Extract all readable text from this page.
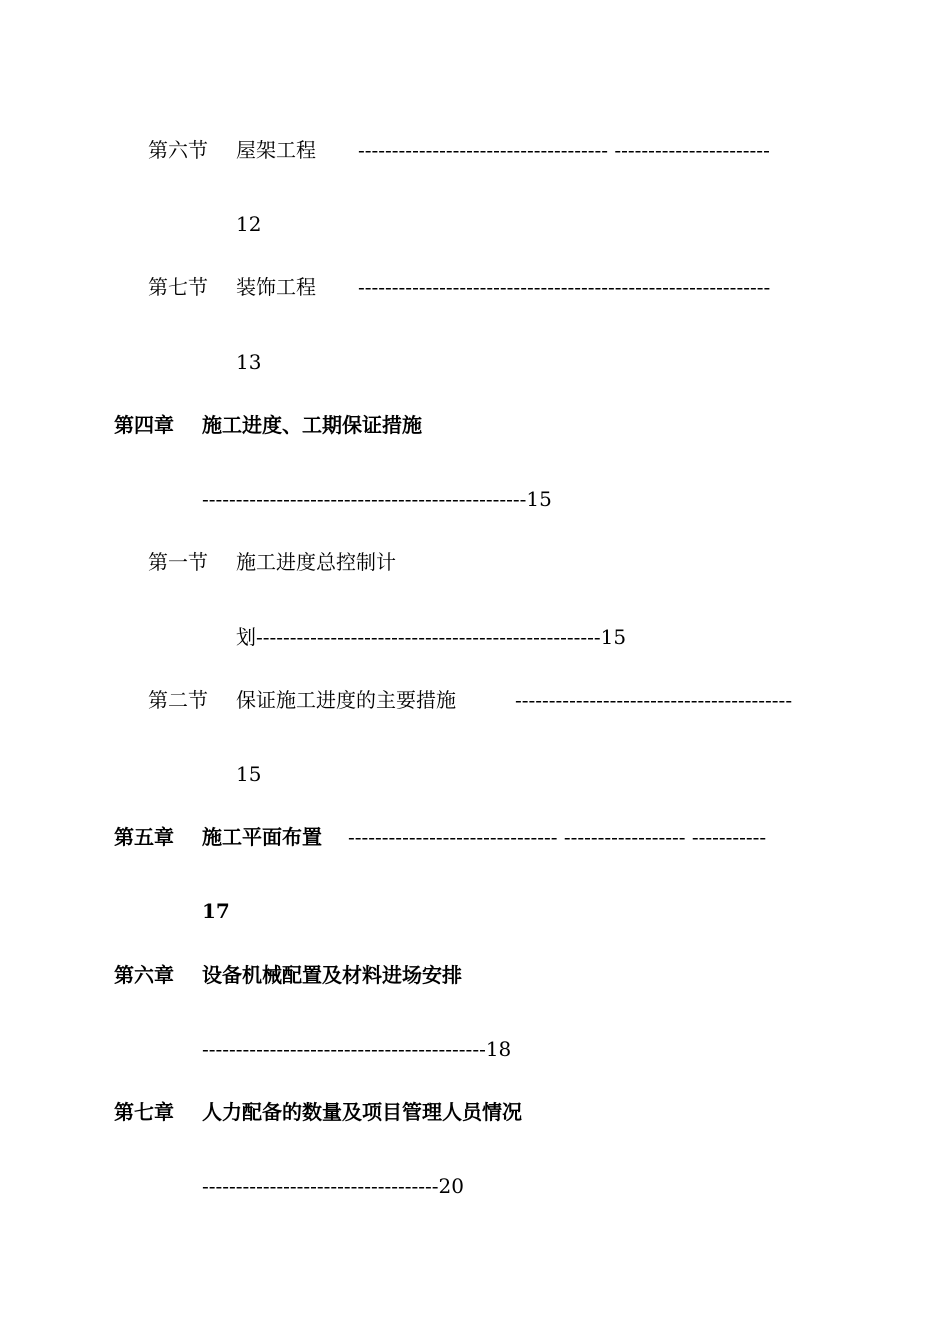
第六节 屋架工程 ------------------------------------- -----------------------
12
第七节 装饰工程 -------------------------------------------------------------
13
第四章 施工进度、工期保证措施
------------------------------------------------15
第一节 施工进度总控制计
划---------------------------------------------------15
第二节 保证施工进度的主要措施	-----------------------------------------
15
第五章 施工平面布置 ------------------------------- ------------------ -----------
17
第六章 设备机械配置及材料进场安排
------------------------------------------18
第七章 人力配备的数量及项目管理人员情况
-----------------------------------20
